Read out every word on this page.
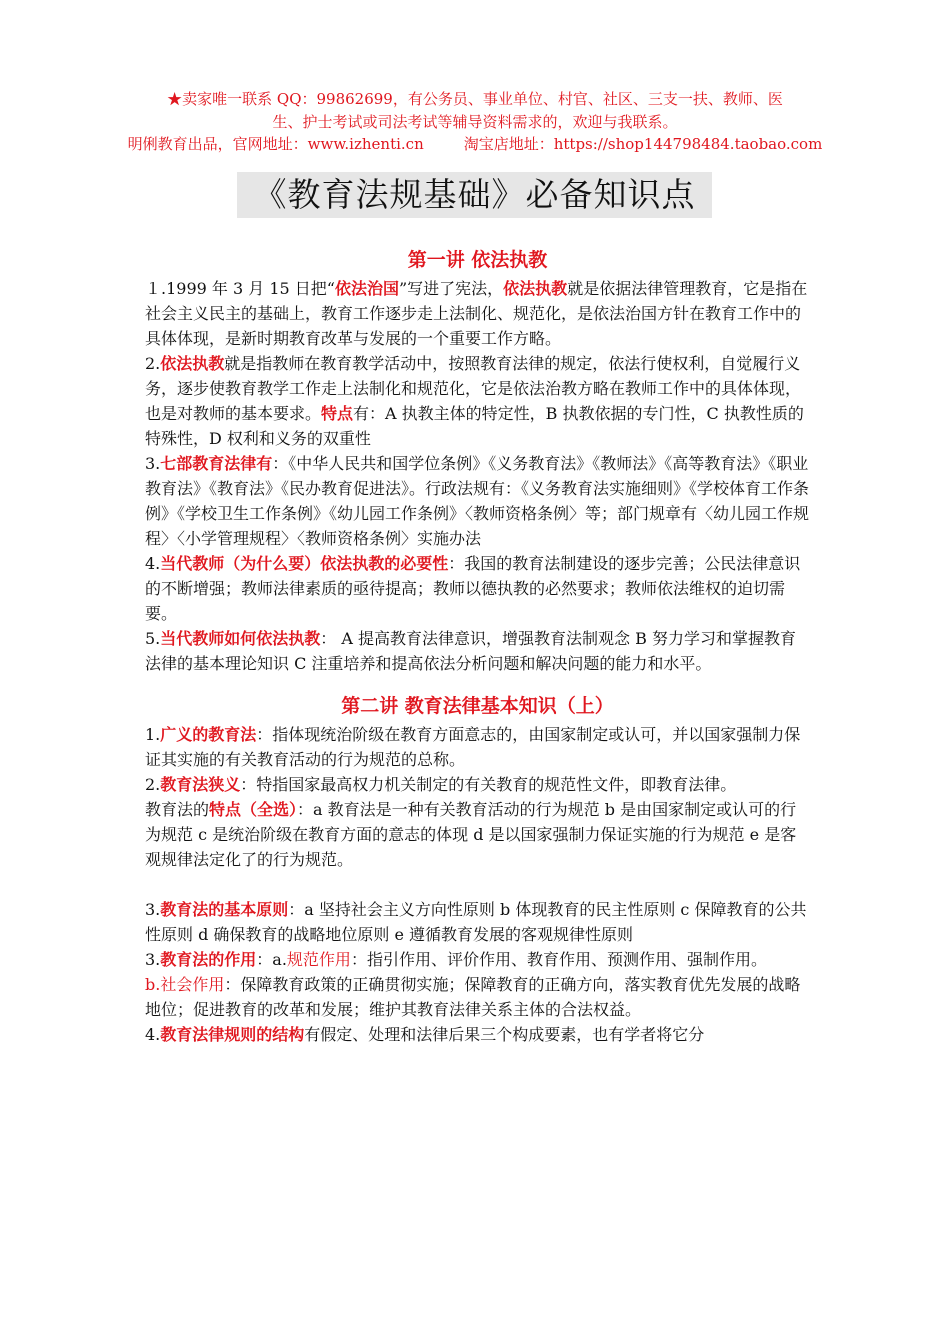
★卖家唯一联系 QQ：99862699，有公务员、事业单位、村官、社区、三支一扶、教师、医
生、护士考试或司法考试等辅导资料需求的，欢迎与我联系。
明俐教育出品，官网地址：www.izhenti.cn	淘宝店地址：https://shop144798484.taobao.com
《教育法规基础》必备知识点

第一讲 依法执教

１.1999 年 3 月 15 日把“依法治国”写进了宪法，依法执教就是依据法律管理教育，它是指在社会主义民主的基础上，教育工作逐步走上法制化、规范化，是依法治国方针在教育工作中的具体体现，是新时期教育改革与发展的一个重要工作方略。

2.依法执教就是指教师在教育教学活动中，按照教育法律的规定，依法行使权利，自觉履行义务，逐步使教育教学工作走上法制化和规范化，它是依法治教方略在教师工作中的具体体现，也是对教师的基本要求。特点有：A 执教主体的特定性，B 执教依据的专门性，C 执教性质的特殊性，D 权利和义务的双重性

3.七部教育法律有：《中华人民共和国学位条例》《义务教育法》《教师法》《高等教育法》《职业教育法》《教育法》《民办教育促进法》。行政法规有：《义务教育法实施细则》《学校体育工作条例》《学校卫生工作条例》《幼儿园工作条例》〈教师资格条例〉等；部门规章有〈幼儿园工作规程〉〈小学管理规程〉〈教师资格条例〉实施办法

4.当代教师（为什么要）依法执教的必要性：我国的教育法制建设的逐步完善；公民法律意识的不断增强；教师法律素质的亟待提高；教师以德执教的必然要求；教师依法维权的迫切需要。

5.当代教师如何依法执教： A 提高教育法律意识，增强教育法制观念 B 努力学习和掌握教育法律的基本理论知识 C 注重培养和提高依法分析问题和解决问题的能力和水平。

第二讲 教育法律基本知识（上）

1.广义的教育法：指体现统治阶级在教育方面意志的，由国家制定或认可，并以国家强制力保证其实施的有关教育活动的行为规范的总称。

2.教育法狭义：特指国家最高权力机关制定的有关教育的规范性文件，即教育法律。

教育法的特点（全选）：a 教育法是一种有关教育活动的行为规范 b 是由国家制定或认可的行为规范 c 是统治阶级在教育方面的意志的体现 d 是以国家强制力保证实施的行为规范 e 是客观规律法定化了的行为规范。

3.教育法的基本原则：a 坚持社会主义方向性原则 b 体现教育的民主性原则 c 保障教育的公共性原则 d 确保教育的战略地位原则 e 遵循教育发展的客观规律性原则

3.教育法的作用：a.规范作用：指引作用、评价作用、教育作用、预测作用、强制作用。

b.社会作用：保障教育政策的正确贯彻实施；保障教育的正确方向，落实教育优先发展的战略地位；促进教育的改革和发展；维护其教育法律关系主体的合法权益。

4.教育法律规则的结构有假定、处理和法律后果三个构成要素，也有学者将它分
